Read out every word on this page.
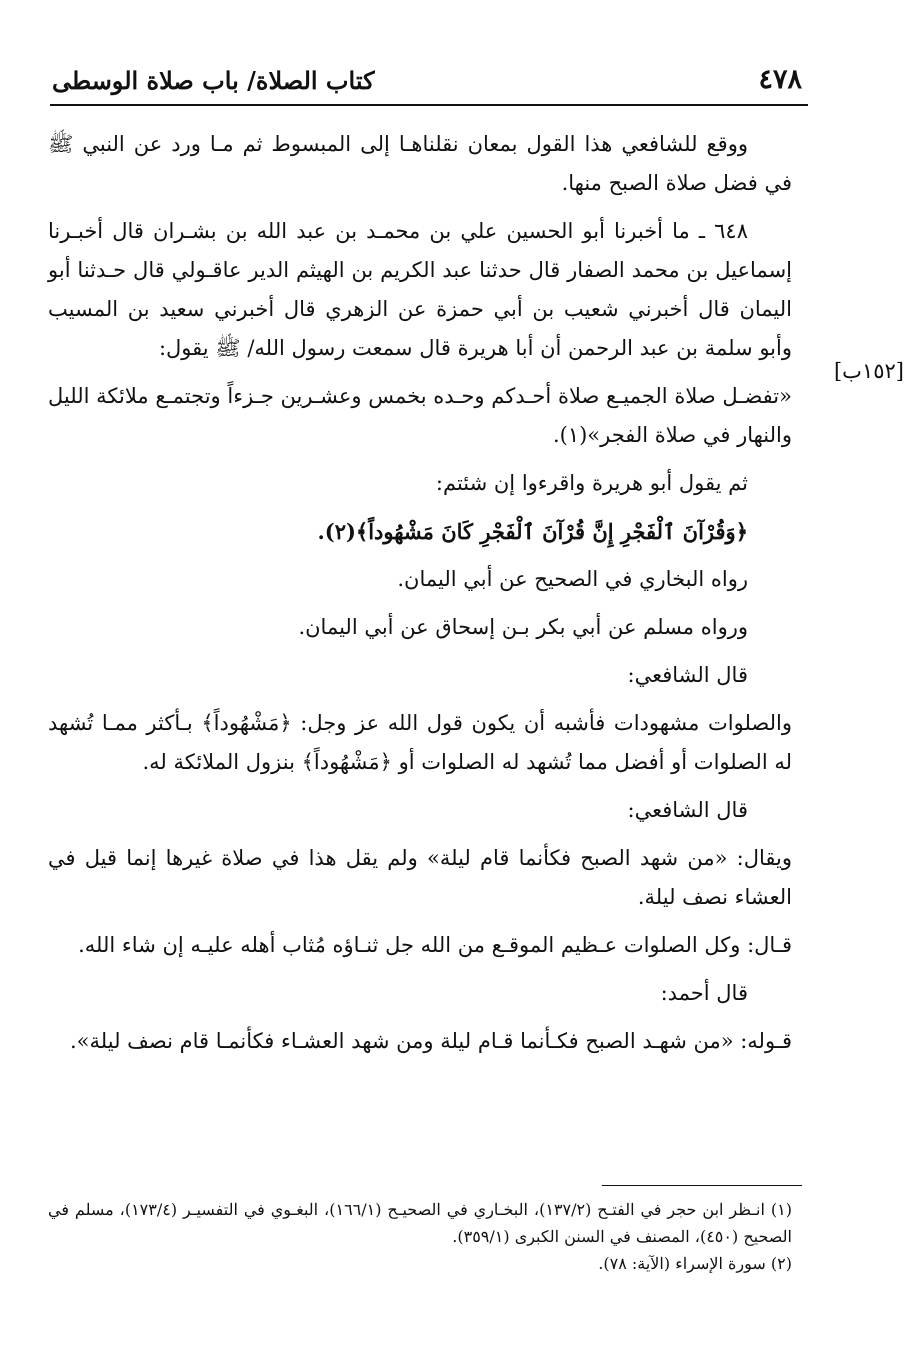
٤٧٨
كتاب الصلاة/ باب صلاة الوسطى
[١٥٢ب]

ووقع للشافعي هذا القول بمعان نقلناهـا إلى المبسوط ثم مـا ورد عن النبي ﷺ في فضل صلاة الصبح منها.

٦٤٨ ـ ما أخبرنا أبو الحسين علي بن محمـد بن عبد الله بن بشـران قال أخبـرنا إسماعيل بن محمد الصفار قال حدثنا عبد الكريم بن الهيثم الدير عاقـولي قال حـدثنا أبو اليمان قال أخبرني شعيب بن أبي حمزة عن الزهري قال أخبرني سعيد بن المسيب وأبو سلمة بن عبد الرحمن أن أبا هريرة قال سمعت رسول الله/ ﷺ يقول:

«تفضـل صلاة الجميـع صلاة أحـدكم وحـده بخمس وعشـرين جـزءاً وتجتمـع ملائكة الليل والنهار في صلاة الفجر»(١).

ثم يقول أبو هريرة واقرءوا إن شئتم:

﴿وَقُرْآنَ ٱلْفَجْرِ إِنَّ قُرْآنَ ٱلْفَجْرِ كَانَ مَشْهُوداً﴾(٢).

رواه البخاري في الصحيح عن أبي اليمان.

ورواه مسلم عن أبي بكر بـن إسحاق عن أبي اليمان.

قال الشافعي:

والصلوات مشهودات فأشبه أن يكون قول الله عز وجل: ﴿مَشْهُوداً﴾ بـأكثر ممـا تُشهد له الصلوات أو أفضل مما تُشهد له الصلوات أو ﴿مَشْهُوداً﴾ بنزول الملائكة له.

قال الشافعي:

ويقال: «من شهد الصبح فكأنما قام ليلة» ولم يقل هذا في صلاة غيرها إنما قيل في العشاء نصف ليلة.

قـال: وكل الصلوات عـظيم الموقـع من الله جل ثنـاؤه مُثاب أهله عليـه إن شاء الله.

قال أحمد:

قـوله: «من شهـد الصبح فكـأنما قـام ليلة ومن شهد العشـاء فكأنمـا قام نصف ليلة».

(١) انـظر ابن حجر في الفتـح (١٣٧/٢)، البخـاري في الصحيـح (١٦٦/١)، البغـوي في التفسيـر (١٧٣/٤)، مسلم في الصحيح (٤٥٠)، المصنف في السنن الكبرى (٣٥٩/١).

(٢) سورة الإسراء (الآية: ٧٨).
